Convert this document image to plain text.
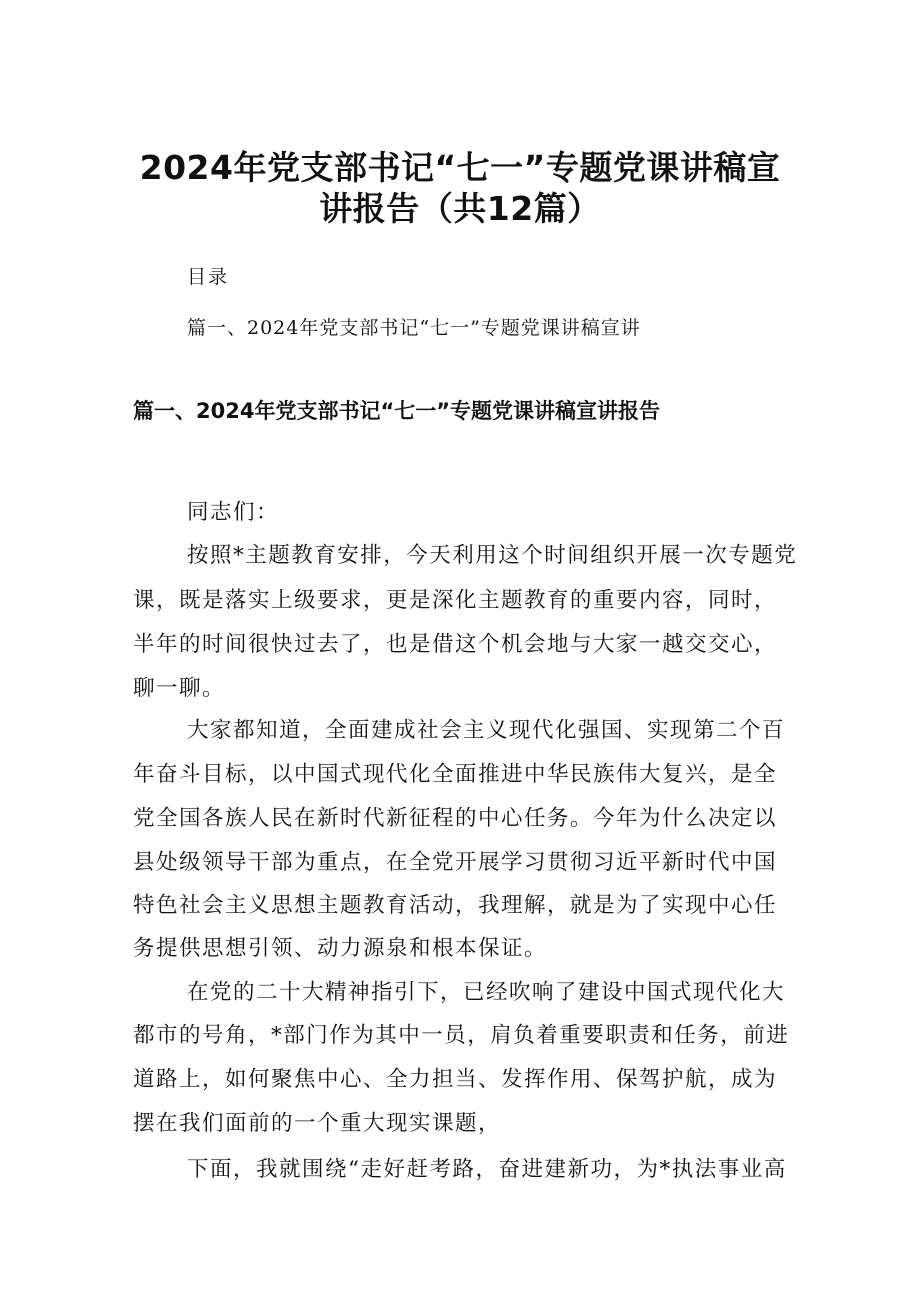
2024年党支部书记“七一”专题党课讲稿宣
讲报告（共12篇）
目录
篇一、2024年党支部书记“七一”专题党课讲稿宣讲
篇一、2024年党支部书记“七一”专题党课讲稿宣讲报告
同志们：
按照*主题教育安排，今天利用这个时间组织开展一次专题党
课，既是落实上级要求，更是深化主题教育的重要内容，同时，
半年的时间很快过去了，也是借这个机会地与大家一越交交心，
聊一聊。
大家都知道，全面建成社会主义现代化强国、实现第二个百
年奋斗目标，以中国式现代化全面推进中华民族伟大复兴，是全
党全国各族人民在新时代新征程的中心任务。今年为什么决定以
县处级领导干部为重点，在全党开展学习贯彻习近平新时代中国
特色社会主义思想主题教育活动，我理解，就是为了实现中心任
务提供思想引领、动力源泉和根本保证。
在党的二十大精神指引下，已经吹响了建设中国式现代化大
都市的号角，*部门作为其中一员，肩负着重要职责和任务，前进
道路上，如何聚焦中心、全力担当、发挥作用、保驾护航，成为
摆在我们面前的一个重大现实课题，
下面，我就围绕“走好赶考路，奋进建新功，为*执法事业高
